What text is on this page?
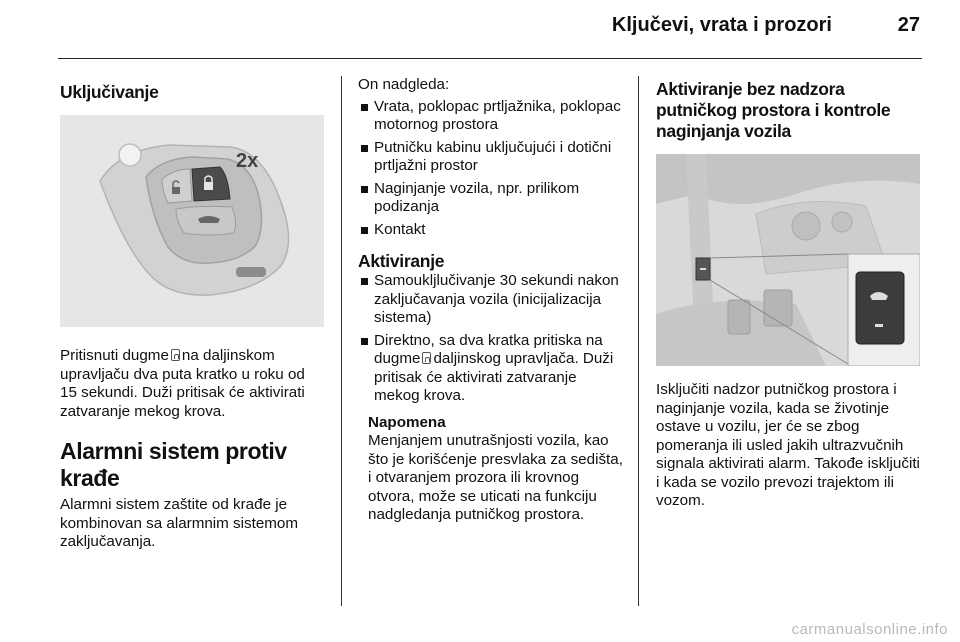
Ključevi, vrata i prozori	27
Uključivanje
2x

Pritisnuti dugme na daljinskom upravljaču dva puta kratko u roku od 15 sekundi. Duži pritisak će aktivirati zatvaranje mekog krova.

Alarmni sistem protiv krađe

Alarmni sistem zaštite od krađe je kombinovan sa alarmnim sistemom zaključavanja.

On nadgleda:

Vrata, poklopac prtljažnika, poklopac motornog prostora
Putničku kabinu uključujući i dotični prtljažni prostor
Naginjanje vozila, npr. prilikom podizanja
Kontakt
Aktiviranje
Samoukljlučivanje 30 sekundi nakon zaključavanja vozila (inicijalizacija sistema)
Direktno, sa dva kratka pritiska na dugme daljinskog upravljača. Duži pritisak će aktivirati zatvaranje mekog krova.
Napomena

Menjanjem unutrašnjosti vozila, kao što je korišćenje presvlaka za sedišta, i otvaranjem prozora ili krovnog otvora, može se uticati na funkciju nadgledanja putničkog prostora.

Aktiviranje bez nadzora putničkog prostora i kontrole naginjanja vozila

Isključiti nadzor putničkog prostora i naginjanje vozila, kada se životinje ostave u vozilu, jer će se zbog pomeranja ili usled jakih ultrazvučnih signala aktivirati alarm. Takođe isključiti i kada se vozilo prevozi trajektom ili vozom.

carmanualsonline.info
